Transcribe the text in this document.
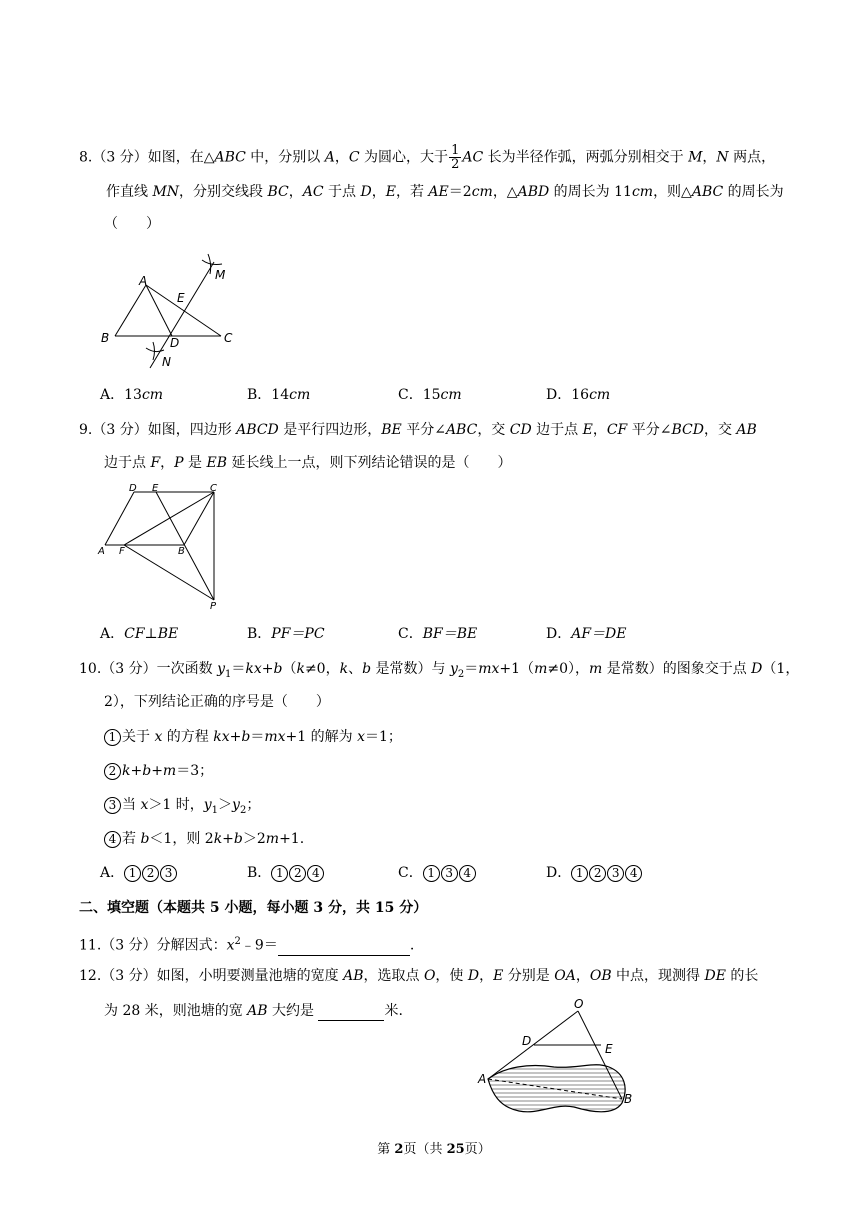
8.（3 分）如图，在△ABC 中，分别以 A，C 为圆心，大于 $\frac{1}{2}$ AC 长为半径作弧，两弧分别相交于 M，N 两点，
作直线 MN，分别交线段 BC，AC 于点 D，E，若 AE＝2cm，△ABD 的周长为 11cm，则△ABC 的周长为
（　　）
A
B	C
D
E
M
N
A．13cm	B．14cm	C．15cm	D．16cm
9.（3 分）如图，四边形 ABCD 是平行四边形，BE 平分∠ABC，交 CD 边于点 E，CF 平分∠BCD，交 AB
边于点 F，P 是 EB 延长线上一点，则下列结论错误的是（　　）
D E	C
A F	B
P
A．CF⊥BE	B．PF＝PC	C．BF＝BE	D．AF＝DE
10.（3 分）一次函数 $y_1=kx+b(k\ne 0$，k、b 是常数）与 $y_2=mx+1(m\ne 0)$，m 是常数）的图象交于点 D（1，
2），下列结论正确的序号是（　　）
1 关于 x 的方程 kx+b＝mx+1 的解为 x＝1；
2 k+b+m＝3；
3 当 x＞1 时，$y_1>y_2$；
4 若 b＜1，则 2k+b＞2m+1.
A． 1 2 3	B． 1 2 4	C． 1 3 4	D． 1 2 3 4
二、填空题（本题共 5 小题，每小题 3 分，共 15 分）
11.（3 分）分解因式：$x^2﹣9=$	.
12.（3 分）如图，小明要测量池塘的宽度 AB，选取点 O，使 D，E 分别是 OA，OB 中点，现测得 DE 的长
为 28 米，则池塘的宽 AB 大约是	米.	O
D
E
A
B
第 2页（共 25页）
